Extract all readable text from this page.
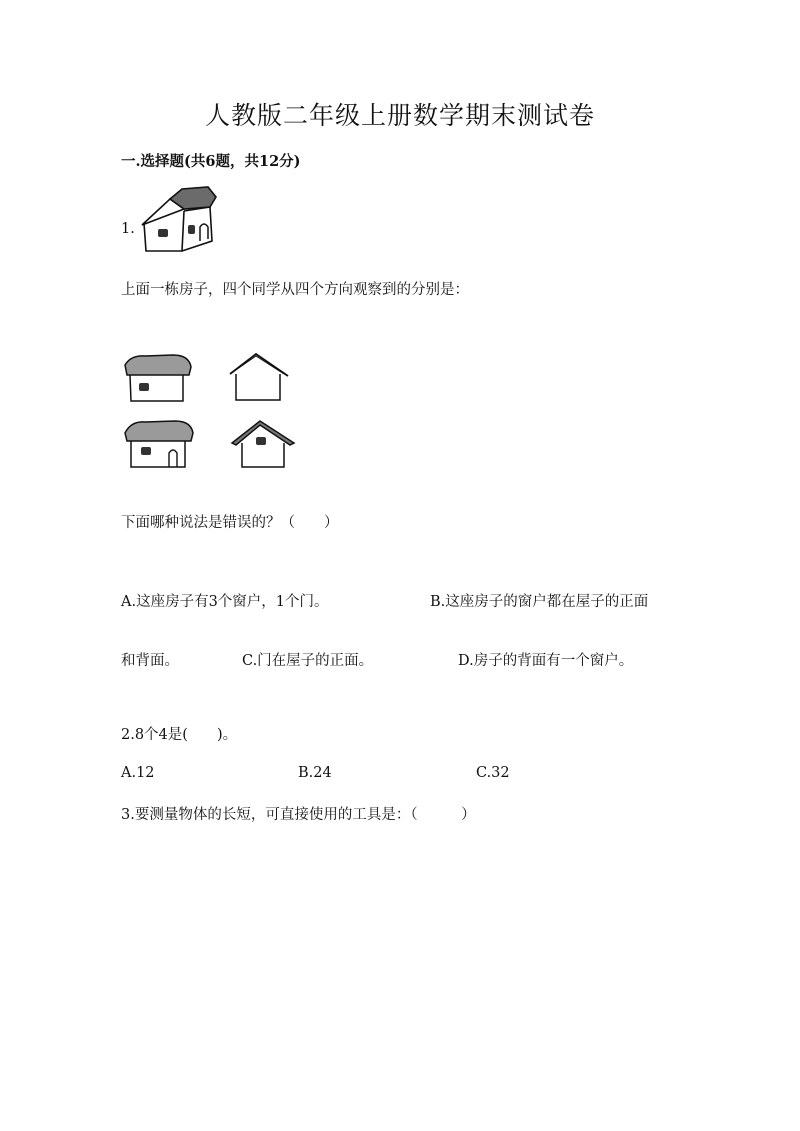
人教版二年级上册数学期末测试卷
一.选择题(共6题，共12分)
1.
上面一栋房子，四个同学从四个方向观察到的分别是：
下面哪种说法是错误的？（　　）
A.这座房子有3个窗户，1个门。	B.这座房子的窗户都在屋子的正面
和背面。	C.门在屋子的正面。	D.房子的背面有一个窗户。
2.8个4是(　　)。
A.12	B.24	C.32
3.要测量物体的长短，可直接使用的工具是：（　　　）
